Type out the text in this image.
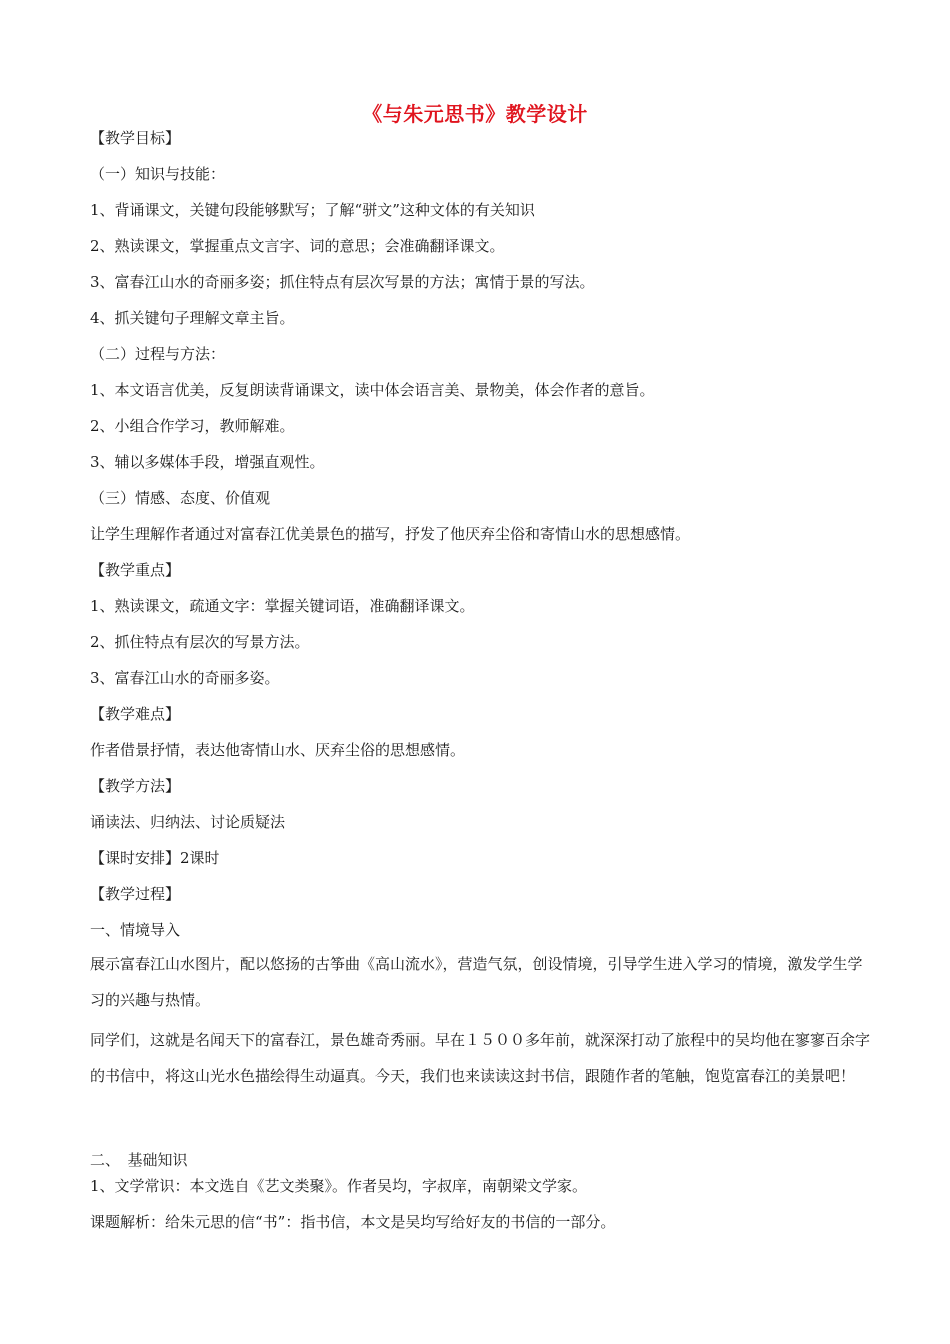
《与朱元思书》教学设计
【教学目标】
（一）知识与技能：
1、背诵课文，关键句段能够默写；了解“骈文”这种文体的有关知识
2、熟读课文，掌握重点文言字、词的意思；会准确翻译课文。
3、富春江山水的奇丽多姿；抓住特点有层次写景的方法；寓情于景的写法。
4、抓关键句子理解文章主旨。
（二）过程与方法：
1、本文语言优美，反复朗读背诵课文，读中体会语言美、景物美，体会作者的意旨。
2、小组合作学习，教师解难。
3、辅以多媒体手段，增强直观性。
（三）情感、态度、价值观
让学生理解作者通过对富春江优美景色的描写，抒发了他厌弃尘俗和寄情山水的思想感情。
【教学重点】
1、熟读课文，疏通文字：掌握关键词语，准确翻译课文。
2、抓住特点有层次的写景方法。
3、富春江山水的奇丽多姿。
【教学难点】
作者借景抒情，表达他寄情山水、厌弃尘俗的思想感情。
【教学方法】
诵读法、归纳法、讨论质疑法
【课时安排】2课时
【教学过程】
一、情境导入
展示富春江山水图片，配以悠扬的古筝曲《高山流水》，营造气氛，创设情境，引导学生进入学习的情境，激发学生学习的兴趣与热情。
同学们，这就是名闻天下的富春江，景色雄奇秀丽。早在１５００多年前，就深深打动了旅程中的吴均他在寥寥百余字的书信中，将这山光水色描绘得生动逼真。今天，我们也来读读这封书信，跟随作者的笔触，饱览富春江的美景吧！
二、　基础知识
1、文学常识：本文选自《艺文类聚》。作者吴均，字叔庠，南朝梁文学家。
课题解析：给朱元思的信“书”：指书信，本文是吴均写给好友的书信的一部分。
